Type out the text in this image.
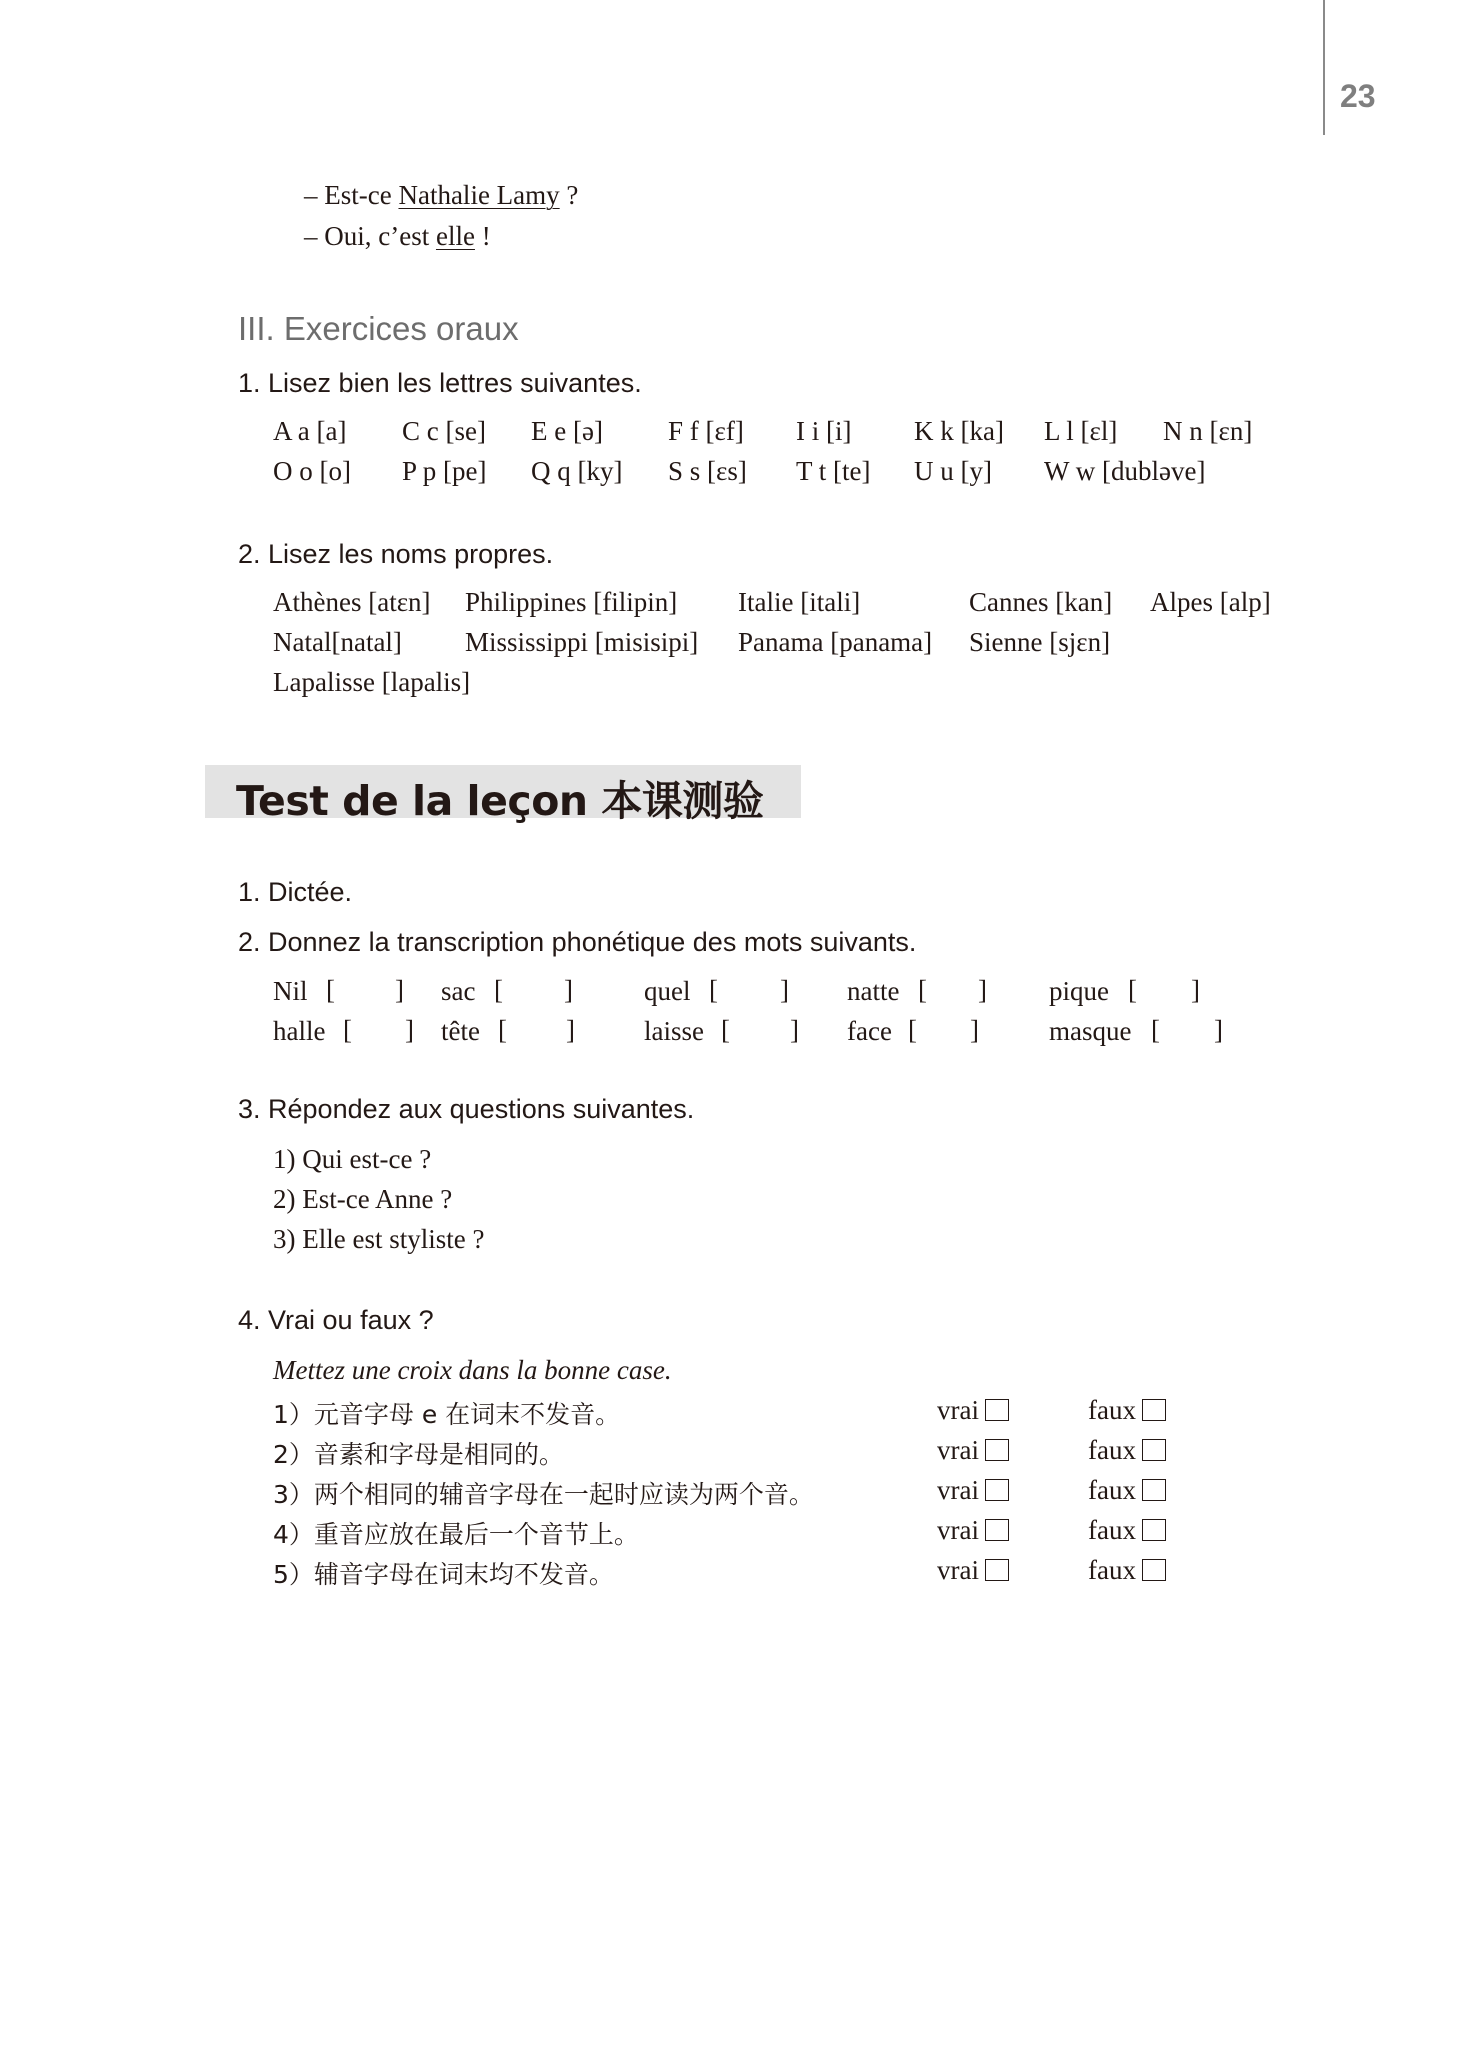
23
– Est-ce Nathalie Lamy ?
– Oui, c’est elle !
III. Exercices oraux
1. Lisez bien les lettres suivantes.
A a [a] C c [se] E e [ə] F f [ɛf] I i [i] K k [ka] L l [ɛl] N n [ɛn]
O o [o] P p [pe] Q q [ky] S s [ɛs] T t [te] U u [y] W w [dubləve]
2. Lisez les noms propres.
Athènes [atɛn] Philippines [filipin] Italie [itali]	Cannes [kan] Alpes [alp]
Natal[natal] Mississippi [misisipi] Panama [panama] Sienne [sjɛn]
Lapalisse [lapalis]
Test de la leçon 本课测验
1. Dictée.
2. Donnez la transcription phonétique des mots suivants.
Nil [ ] sac [ ]	quel [ ] natte [ ] pique [ ]
halle [ ] tête [ ]	laisse [ ] face [ ]	masque [ ]
3. Répondez aux questions suivantes.
1) Qui est-ce ?
2) Est-ce Anne ?
3) Elle est styliste ?
4. Vrai ou faux ?
Mettez une croix dans la bonne case.
1）元音字母 e 在词末不发音。	vrai	faux
2）音素和字母是相同的。	vrai	faux
3）两个相同的辅音字母在一起时应读为两个音。	vrai	faux
4）重音应放在最后一个音节上。	vrai	faux
5）辅音字母在词末均不发音。	vrai	faux
